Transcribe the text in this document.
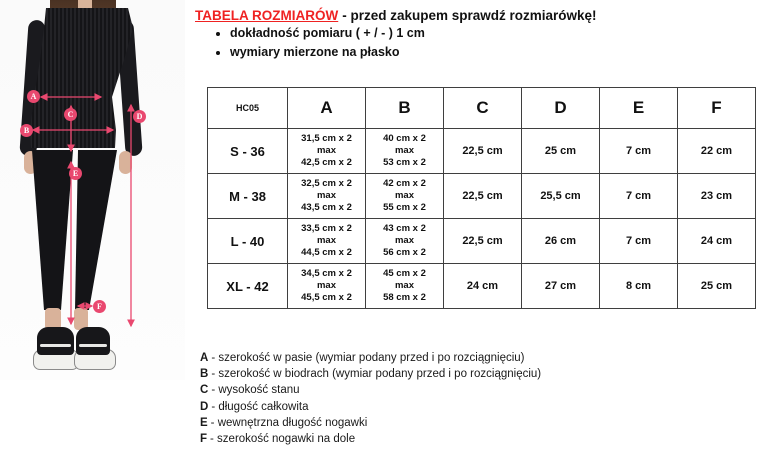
A
B
C	D
E
F
TABELA ROZMIARÓW - przed zakupem sprawdź rozmiarówkę!
• dokładność pomiaru ( + / - ) 1 cm
• wymiary mierzone na płasko
HC05	A	B	C	D	E	F
S - 36	31,5 cm x 2
max
42,5 cm x 2	40 cm x 2
max
53 cm x 2	22,5 cm	25 cm	7 cm	22 cm
M - 38	32,5 cm x 2
max
43,5 cm x 2	42 cm x 2
max
55 cm x 2	22,5 cm	25,5 cm	7 cm	23 cm
L - 40	33,5 cm x 2
max
44,5 cm x 2	43 cm x 2
max
56 cm x 2	22,5 cm	26 cm	7 cm	24 cm
XL - 42	34,5 cm x 2
max
45,5 cm x 2	45 cm x 2
max
58 cm x 2	24 cm	27 cm	8 cm	25 cm
A - szerokość w pasie (wymiar podany przed i po rozciągnięciu)
B - szerokość w biodrach (wymiar podany przed i po rozciągnięciu)
C - wysokość stanu
D - długość całkowita
E - wewnętrzna długość nogawki
F - szerokość nogawki na dole
